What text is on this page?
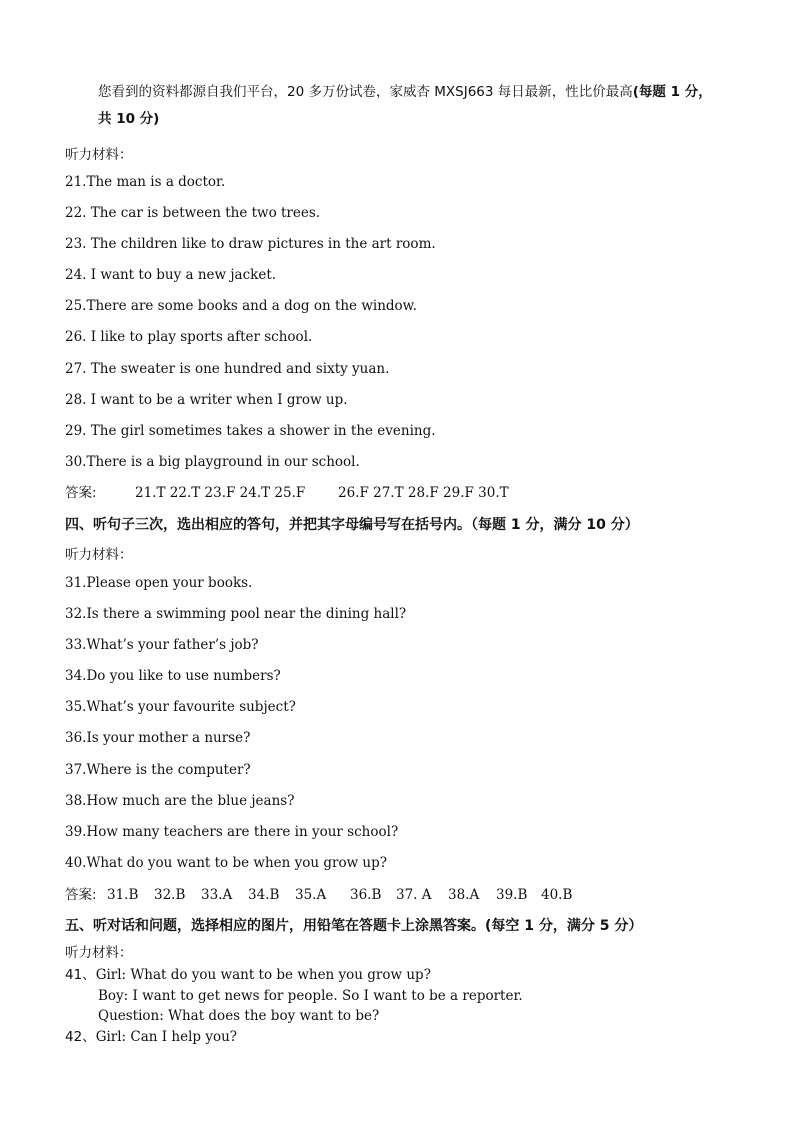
您看到的资料都源自我们平台，20 多万份试卷，家威杏 MXSJ663 每日最新，性比价最高(每题 1 分，
共 10 分)
听力材料：
21.The man is a doctor.
22. The car is between the two trees.
23. The children like to draw pictures in the art room.
24. I want to buy a new jacket.
25.There are some books and a dog on the window.
26. I like to play sports after school.
27. The sweater is one hundred and sixty yuan.
28. I want to be a writer when I grow up.
29. The girl sometimes takes a shower in the evening.
30.There is a big playground in our school.
答案:	21.T 22.T 23.F 24.T 25.F 26.F 27.T 28.F 29.F 30.T
四、听句子三次，选出相应的答句，并把其字母编号写在括号内。（每题 1 分，满分 10 分）
听力材料：
31.Please open your books.
32.Is there a swimming pool near the dining hall?
33.What’s your father’s job?
34.Do you like to use numbers?
35.What’s your favourite subject?
36.Is your mother a nurse?
37.Where is the computer?
38.How much are the blue jeans?
39.How many teachers are there in your school?
40.What do you want to be when you grow up?
答案: 31.B 32.B 33.A 34.B 35.A 36.B 37. A 38.A 39.B 40.B
五、听对话和问题，选择相应的图片，用铅笔在答题卡上涂黑答案。(每空 1 分，满分 5 分）
听力材料：
41、Girl: What do you want to be when you grow up?
Boy: I want to get news for people. So I want to be a reporter.
Question: What does the boy want to be?
42、Girl: Can I help you?
